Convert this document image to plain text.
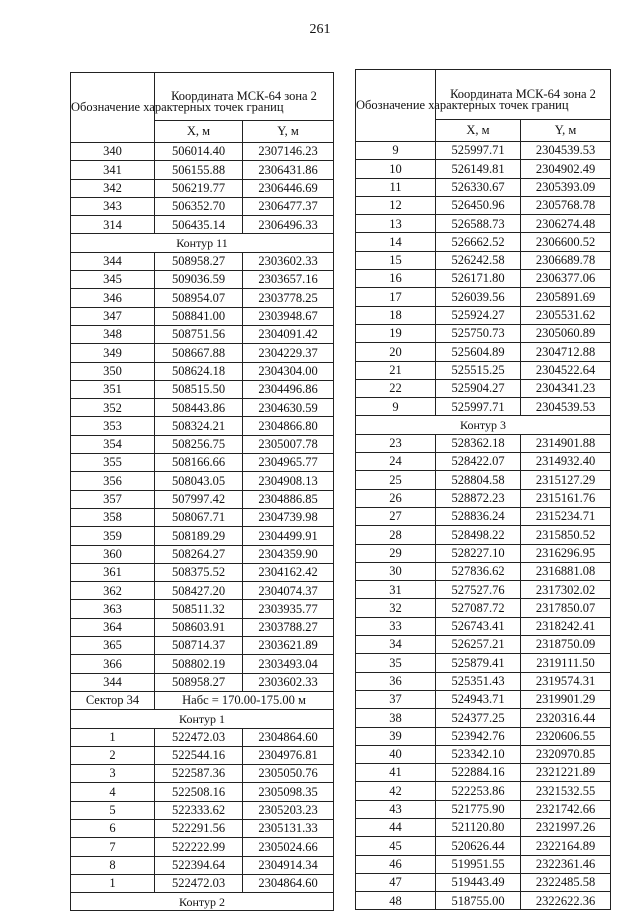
261
Обозначение характерных точек границ	Координата МСК-64 зона 2	
	X, м	Y, м
340	506014.40	2307146.23
341	506155.88	2306431.86
342	506219.77	2306446.69
343	506352.70	2306477.37
314	506435.14	2306496.33
Контур 11		
344	508958.27	2303602.33
345	509036.59	2303657.16
346	508954.07	2303778.25
347	508841.00	2303948.67
348	508751.56	2304091.42
349	508667.88	2304229.37
350	508624.18	2304304.00
351	508515.50	2304496.86
352	508443.86	2304630.59
353	508324.21	2304866.80
354	508256.75	2305007.78
355	508166.66	2304965.77
356	508043.05	2304908.13
357	507997.42	2304886.85
358	508067.71	2304739.98
359	508189.29	2304499.91
360	508264.27	2304359.90
361	508375.52	2304162.42
362	508427.20	2304074.37
363	508511.32	2303935.77
364	508603.91	2303788.27
365	508714.37	2303621.89
366	508802.19	2303493.04
344	508958.27	2303602.33
Сектор 34	Набс = 170.00-175.00 м	
Контур 1		
1	522472.03	2304864.60
2	522544.16	2304976.81
3	522587.36	2305050.76
4	522508.16	2305098.35
5	522333.62	2305203.23
6	522291.56	2305131.33
7	522222.99	2305024.66
8	522394.64	2304914.34
1	522472.03	2304864.60
Контур 2		
Обозначение характерных точек границ	Координата МСК-64 зона 2	
	X, м	Y, м
9	525997.71	2304539.53
10	526149.81	2304902.49
11	526330.67	2305393.09
12	526450.96	2305768.78
13	526588.73	2306274.48
14	526662.52	2306600.52
15	526242.58	2306689.78
16	526171.80	2306377.06
17	526039.56	2305891.69
18	525924.27	2305531.62
19	525750.73	2305060.89
20	525604.89	2304712.88
21	525515.25	2304522.64
22	525904.27	2304341.23
9	525997.71	2304539.53
Контур 3		
23	528362.18	2314901.88
24	528422.07	2314932.40
25	528804.58	2315127.29
26	528872.23	2315161.76
27	528836.24	2315234.71
28	528498.22	2315850.52
29	528227.10	2316296.95
30	527836.62	2316881.08
31	527527.76	2317302.02
32	527087.72	2317850.07
33	526743.41	2318242.41
34	526257.21	2318750.09
35	525879.41	2319111.50
36	525351.43	2319574.31
37	524943.71	2319901.29
38	524377.25	2320316.44
39	523942.76	2320606.55
40	523342.10	2320970.85
41	522884.16	2321221.89
42	522253.86	2321532.55
43	521775.90	2321742.66
44	521120.80	2321997.26
45	520626.44	2322164.89
46	519951.55	2322361.46
47	519443.49	2322485.58
48	518755.00	2322622.36
